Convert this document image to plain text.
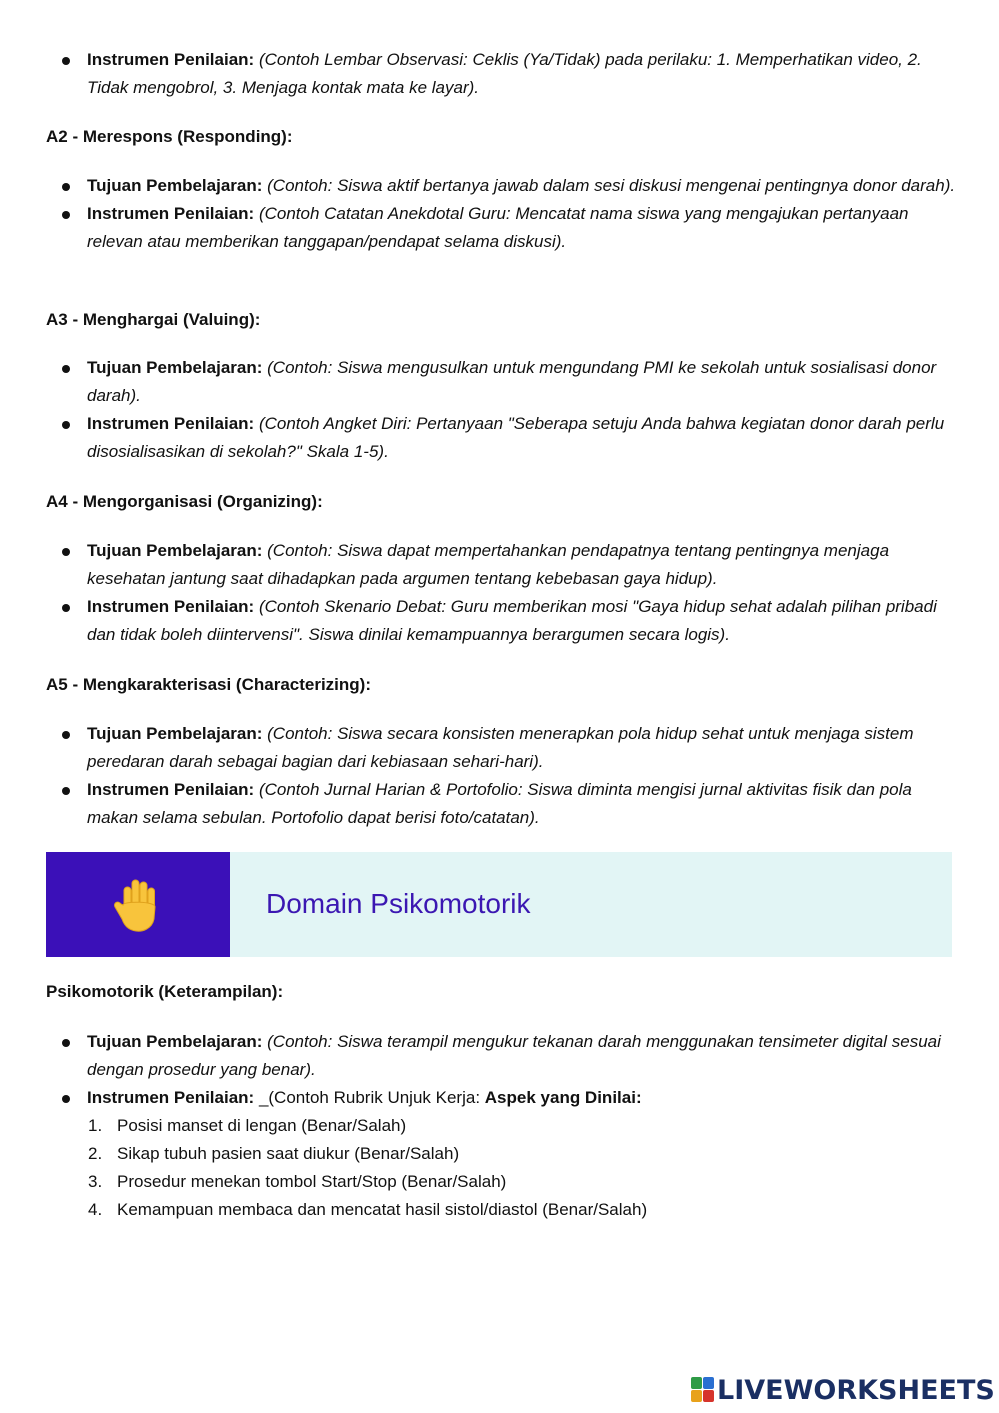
Instrumen Penilaian: (Contoh Lembar Observasi: Ceklis (Ya/Tidak) pada perilaku: 1. Memperhatikan video, 2. Tidak mengobrol, 3. Menjaga kontak mata ke layar).
A2 - Merespons (Responding):
Tujuan Pembelajaran: (Contoh: Siswa aktif bertanya jawab dalam sesi diskusi mengenai pentingnya donor darah).
Instrumen Penilaian: (Contoh Catatan Anekdotal Guru: Mencatat nama siswa yang mengajukan pertanyaan relevan atau memberikan tanggapan/pendapat selama diskusi).
A3 - Menghargai (Valuing):
Tujuan Pembelajaran: (Contoh: Siswa mengusulkan untuk mengundang PMI ke sekolah untuk sosialisasi donor darah).
Instrumen Penilaian: (Contoh Angket Diri: Pertanyaan "Seberapa setuju Anda bahwa kegiatan donor darah perlu disosialisasikan di sekolah?" Skala 1-5).
A4 - Mengorganisasi (Organizing):
Tujuan Pembelajaran: (Contoh: Siswa dapat mempertahankan pendapatnya tentang pentingnya menjaga kesehatan jantung saat dihadapkan pada argumen tentang kebebasan gaya hidup).
Instrumen Penilaian: (Contoh Skenario Debat: Guru memberikan mosi "Gaya hidup sehat adalah pilihan pribadi dan tidak boleh diintervensi". Siswa dinilai kemampuannya berargumen secara logis).
A5 - Mengkarakterisasi (Characterizing):
Tujuan Pembelajaran: (Contoh: Siswa secara konsisten menerapkan pola hidup sehat untuk menjaga sistem peredaran darah sebagai bagian dari kebiasaan sehari-hari).
Instrumen Penilaian: (Contoh Jurnal Harian & Portofolio: Siswa diminta mengisi jurnal aktivitas fisik dan pola makan selama sebulan. Portofolio dapat berisi foto/catatan).
Domain Psikomotorik
Psikomotorik (Keterampilan):
Tujuan Pembelajaran: (Contoh: Siswa terampil mengukur tekanan darah menggunakan tensimeter digital sesuai dengan prosedur yang benar).
Instrumen Penilaian: _(Contoh Rubrik Unjuk Kerja: Aspek yang Dinilai:
1. Posisi manset di lengan (Benar/Salah)
2. Sikap tubuh pasien saat diukur (Benar/Salah)
3. Prosedur menekan tombol Start/Stop (Benar/Salah)
4. Kemampuan membaca dan mencatat hasil sistol/diastol (Benar/Salah)
LIVEWORKSHEETS
